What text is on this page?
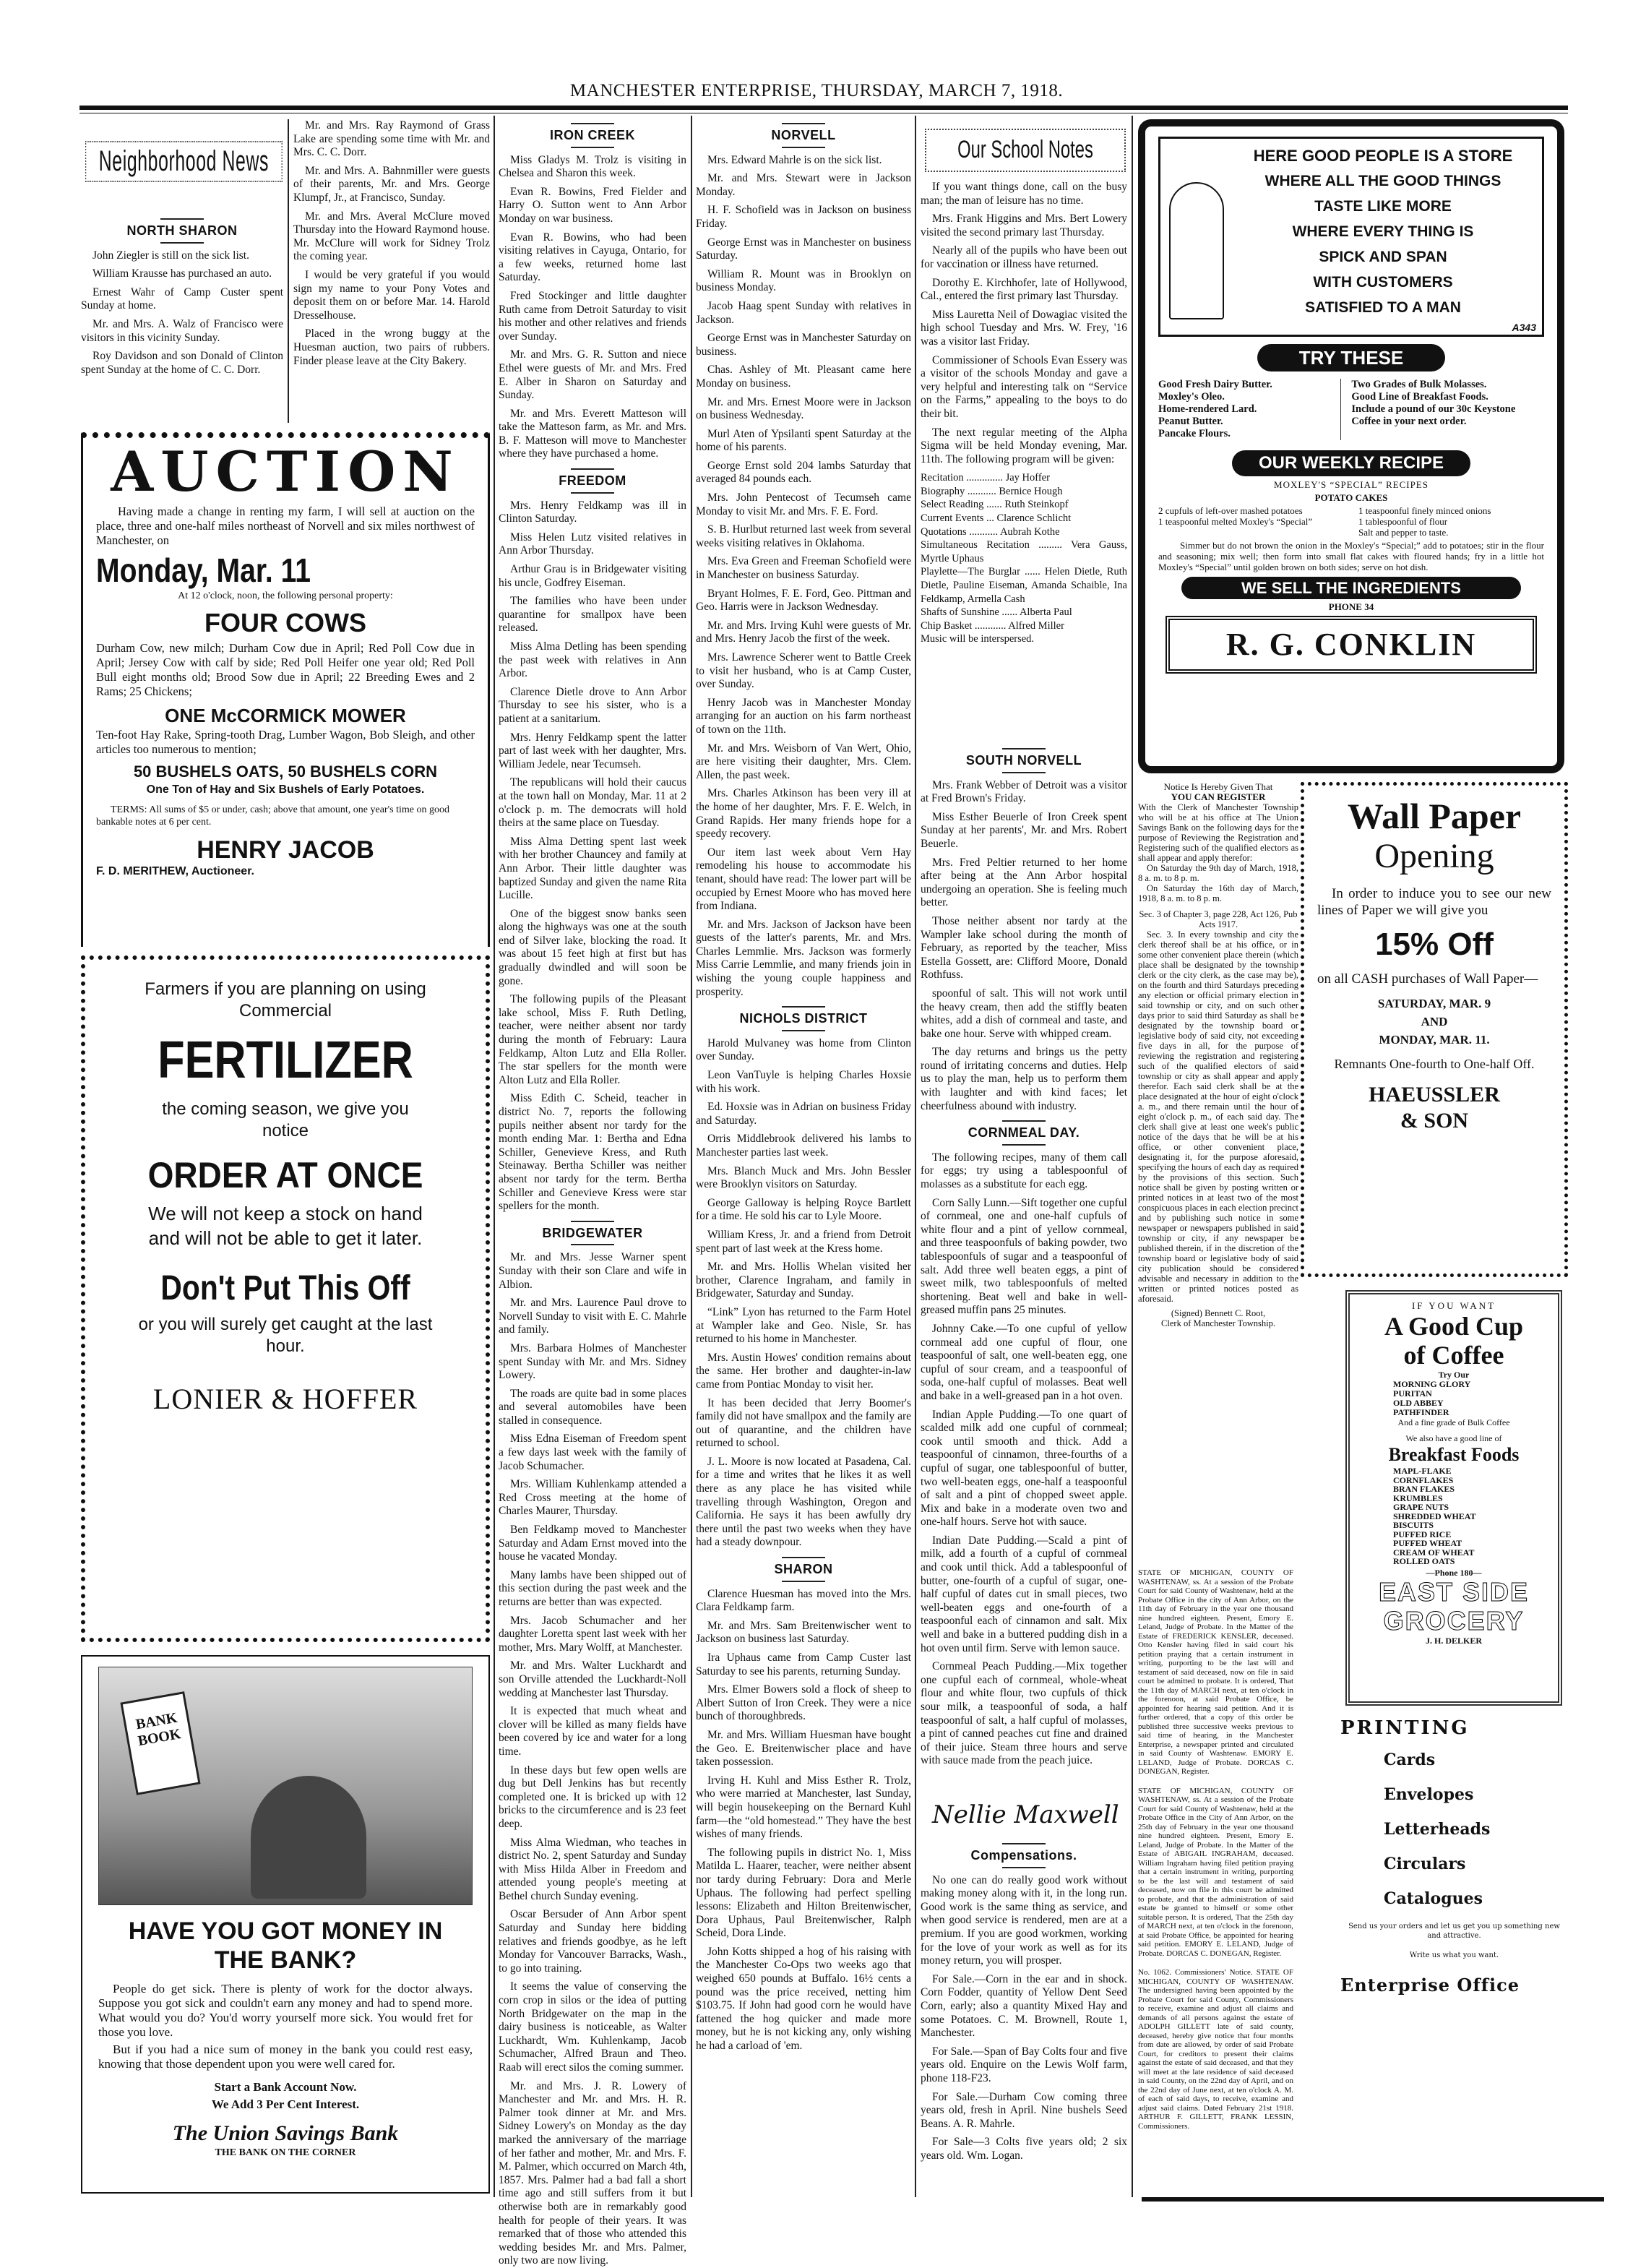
MANCHESTER ENTERPRISE, THURSDAY, MARCH 7, 1918.
Neighborhood News
NORTH SHARON

John Ziegler is still on the sick list.

William Krausse has purchased an auto.

Ernest Wahr of Camp Custer spent Sunday at home.

Mr. and Mrs. A. Walz of Francisco were visitors in this vicinity Sunday.

Roy Davidson and son Donald of Clinton spent Sunday at the home of C. C. Dorr.

Mr. and Mrs. Ray Raymond of Grass Lake are spending some time with Mr. and Mrs. C. C. Dorr.

Mr. and Mrs. A. Bahnmiller were guests of their parents, Mr. and Mrs. George Klumpf, Jr., at Francisco, Sunday.

Mr. and Mrs. Averal McClure moved Thursday into the Howard Raymond house. Mr. McClure will work for Sidney Trolz the coming year.

I would be very grateful if you would sign my name to your Pony Votes and deposit them on or before Mar. 14. Harold Dresselhouse.

Placed in the wrong buggy at the Huesman auction, two pairs of rubbers. Finder please leave at the City Bakery.

AUCTION

Having made a change in renting my farm, I will sell at auction on the place, three and one-half miles northeast of Norvell and six miles northwest of Manchester, on

Monday, Mar. 11

At 12 o'clock, noon, the following personal property:

FOUR COWS

Durham Cow, new milch; Durham Cow due in April; Red Poll Cow due in April; Jersey Cow with calf by side; Red Poll Heifer one year old; Red Poll Bull eight months old; Brood Sow due in April; 22 Breeding Ewes and 2 Rams; 25 Chickens;

ONE McCORMICK MOWER

Ten-foot Hay Rake, Spring-tooth Drag, Lumber Wagon, Bob Sleigh, and other articles too numerous to mention;

50 BUSHELS OATS, 50 BUSHELS CORN

One Ton of Hay and Six Bushels of Early Potatoes.

TERMS: All sums of $5 or under, cash; above that amount, one year's time on good bankable notes at 6 per cent.

HENRY JACOB

F. D. MERITHEW, Auctioneer.

Farmers if you are planning on using Commercial

FERTILIZER

the coming season, we give you notice

ORDER AT ONCE

We will not keep a stock on hand and will not be able to get it later.

Don't Put This Off

or you will surely get caught at the last hour.

LONIER & HOFFER
BANK BOOK
HAVE YOU GOT MONEY IN THE BANK?

People do get sick. There is plenty of work for the doctor always. Suppose you got sick and couldn't earn any money and had to spend more. What would you do? You'd worry yourself more sick. You would fret for those you love.

But if you had a nice sum of money in the bank you could rest easy, knowing that those dependent upon you were well cared for.

Start a Bank Account Now.

We Add 3 Per Cent Interest.

The Union Savings Bank

THE BANK ON THE CORNER

IRON CREEK

Miss Gladys M. Trolz is visiting in Chelsea and Sharon this week.

Evan R. Bowins, Fred Fielder and Harry O. Sutton went to Ann Arbor Monday on war business.

Evan R. Bowins, who had been visiting relatives in Cayuga, Ontario, for a few weeks, returned home last Saturday.

Fred Stockinger and little daughter Ruth came from Detroit Saturday to visit his mother and other relatives and friends over Sunday.

Mr. and Mrs. G. R. Sutton and niece Ethel were guests of Mr. and Mrs. Fred E. Alber in Sharon on Saturday and Sunday.

Mr. and Mrs. Everett Matteson will take the Matteson farm, as Mr. and Mrs. B. F. Matteson will move to Manchester where they have purchased a home.

FREEDOM

Mrs. Henry Feldkamp was ill in Clinton Saturday.

Miss Helen Lutz visited relatives in Ann Arbor Thursday.

Arthur Grau is in Bridgewater visiting his uncle, Godfrey Eiseman.

The families who have been under quarantine for smallpox have been released.

Miss Alma Detling has been spending the past week with relatives in Ann Arbor.

Clarence Dietle drove to Ann Arbor Thursday to see his sister, who is a patient at a sanitarium.

Mrs. Henry Feldkamp spent the latter part of last week with her daughter, Mrs. William Jedele, near Tecumseh.

The republicans will hold their caucus at the town hall on Monday, Mar. 11 at 2 o'clock p. m. The democrats will hold theirs at the same place on Tuesday.

Miss Alma Detting spent last week with her brother Chauncey and family at Ann Arbor. Their little daughter was baptized Sunday and given the name Rita Lucille.

One of the biggest snow banks seen along the highways was one at the south end of Silver lake, blocking the road. It was about 15 feet high at first but has gradually dwindled and will soon be gone.

The following pupils of the Pleasant lake school, Miss F. Ruth Detling, teacher, were neither absent nor tardy during the month of February: Laura Feldkamp, Alton Lutz and Ella Roller. The star spellers for the month were Alton Lutz and Ella Roller.

Miss Edith C. Scheid, teacher in district No. 7, reports the following pupils neither absent nor tardy for the month ending Mar. 1: Bertha and Edna Schiller, Genevieve Kress, and Ruth Steinaway. Bertha Schiller was neither absent nor tardy for the term. Bertha Schiller and Genevieve Kress were star spellers for the month.

BRIDGEWATER

Mr. and Mrs. Jesse Warner spent Sunday with their son Clare and wife in Albion.

Mr. and Mrs. Laurence Paul drove to Norvell Sunday to visit with E. C. Mahrle and family.

Mrs. Barbara Holmes of Manchester spent Sunday with Mr. and Mrs. Sidney Lowery.

The roads are quite bad in some places and several automobiles have been stalled in consequence.

Miss Edna Eiseman of Freedom spent a few days last week with the family of Jacob Schumacher.

Mrs. William Kuhlenkamp attended a Red Cross meeting at the home of Charles Maurer, Thursday.

Ben Feldkamp moved to Manchester Saturday and Adam Ernst moved into the house he vacated Monday.

Many lambs have been shipped out of this section during the past week and the returns are better than was expected.

Mrs. Jacob Schumacher and her daughter Loretta spent last week with her mother, Mrs. Mary Wolff, at Manchester.

Mr. and Mrs. Walter Luckhardt and son Orville attended the Luckhardt-Noll wedding at Manchester last Thursday.

It is expected that much wheat and clover will be killed as many fields have been covered by ice and water for a long time.

In these days but few open wells are dug but Dell Jenkins has but recently completed one. It is bricked up with 12 bricks to the circumference and is 23 feet deep.

Miss Alma Wiedman, who teaches in district No. 2, spent Saturday and Sunday with Miss Hilda Alber in Freedom and attended young people's meeting at Bethel church Sunday evening.

Oscar Bersuder of Ann Arbor spent Saturday and Sunday here bidding relatives and friends goodbye, as he left Monday for Vancouver Barracks, Wash., to go into training.

It seems the value of conserving the corn crop in silos or the idea of putting North Bridgewater on the map in the dairy business is noticeable, as Walter Luckhardt, Wm. Kuhlenkamp, Jacob Schumacher, Alfred Braun and Theo. Raab will erect silos the coming summer.

Mr. and Mrs. J. R. Lowery of Manchester and Mr. and Mrs. H. R. Palmer took dinner at Mr. and Mrs. Sidney Lowery's on Monday as the day marked the anniversary of the marriage of her father and mother, Mr. and Mrs. F. M. Palmer, which occurred on March 4th, 1857. Mrs. Palmer had a bad fall a short time ago and still suffers from it but otherwise both are in remarkably good health for people of their years. It was remarked that of those who attended this wedding besides Mr. and Mrs. Palmer, only two are now living.

NORVELL

Mrs. Edward Mahrle is on the sick list.

Mr. and Mrs. Stewart were in Jackson Monday.

H. F. Schofield was in Jackson on business Friday.

George Ernst was in Manchester on business Saturday.

William R. Mount was in Brooklyn on business Monday.

Jacob Haag spent Sunday with relatives in Jackson.

George Ernst was in Manchester Saturday on business.

Chas. Ashley of Mt. Pleasant came here Monday on business.

Mr. and Mrs. Ernest Moore were in Jackson on business Wednesday.

Murl Aten of Ypsilanti spent Saturday at the home of his parents.

George Ernst sold 204 lambs Saturday that averaged 84 pounds each.

Mrs. John Pentecost of Tecumseh came Monday to visit Mr. and Mrs. F. E. Ford.

S. B. Hurlbut returned last week from several weeks visiting relatives in Oklahoma.

Mrs. Eva Green and Freeman Schofield were in Manchester on business Saturday.

Bryant Holmes, F. E. Ford, Geo. Pittman and Geo. Harris were in Jackson Wednesday.

Mr. and Mrs. Irving Kuhl were guests of Mr. and Mrs. Henry Jacob the first of the week.

Mrs. Lawrence Scherer went to Battle Creek to visit her husband, who is at Camp Custer, over Sunday.

Henry Jacob was in Manchester Monday arranging for an auction on his farm northeast of town on the 11th.

Mr. and Mrs. Weisborn of Van Wert, Ohio, are here visiting their daughter, Mrs. Clem. Allen, the past week.

Mrs. Charles Atkinson has been very ill at the home of her daughter, Mrs. F. E. Welch, in Grand Rapids. Her many friends hope for a speedy recovery.

Our item last week about Vern Hay remodeling his house to accommodate his tenant, should have read: The lower part will be occupied by Ernest Moore who has moved here from Indiana.

Mr. and Mrs. Jackson of Jackson have been guests of the latter's parents, Mr. and Mrs. Charles Lemmlie. Mrs. Jackson was formerly Miss Carrie Lemmlie, and many friends join in wishing the young couple happiness and prosperity.

NICHOLS DISTRICT

Harold Mulvaney was home from Clinton over Sunday.

Leon VanTuyle is helping Charles Hoxsie with his work.

Ed. Hoxsie was in Adrian on business Friday and Saturday.

Orris Middlebrook delivered his lambs to Manchester parties last week.

Mrs. Blanch Muck and Mrs. John Bessler were Brooklyn visitors on Saturday.

George Galloway is helping Royce Bartlett for a time. He sold his car to Lyle Moore.

William Kress, Jr. and a friend from Detroit spent part of last week at the Kress home.

Mr. and Mrs. Hollis Whelan visited her brother, Clarence Ingraham, and family in Bridgewater, Saturday and Sunday.

“Link” Lyon has returned to the Farm Hotel at Wampler lake and Geo. Nisle, Sr. has returned to his home in Manchester.

Mrs. Austin Howes' condition remains about the same. Her brother and daughter-in-law came from Pontiac Monday to visit her.

It has been decided that Jerry Boomer's family did not have smallpox and the family are out of quarantine, and the children have returned to school.

J. L. Moore is now located at Pasadena, Cal. for a time and writes that he likes it as well there as any place he has visited while travelling through Washington, Oregon and California. He says it has been awfully dry there until the past two weeks when they have had a steady downpour.

SHARON

Clarence Huesman has moved into the Mrs. Clara Feldkamp farm.

Mr. and Mrs. Sam Breitenwischer went to Jackson on business last Saturday.

Ira Uphaus came from Camp Custer last Saturday to see his parents, returning Sunday.

Mrs. Elmer Bowers sold a flock of sheep to Albert Sutton of Iron Creek. They were a nice bunch of thoroughbreds.

Mr. and Mrs. William Huesman have bought the Geo. E. Breitenwischer place and have taken possession.

Irving H. Kuhl and Miss Esther R. Trolz, who were married at Manchester, last Sunday, will begin housekeeping on the Bernard Kuhl farm—the “old homestead.” They have the best wishes of many friends.

The following pupils in district No. 1, Miss Matilda L. Haarer, teacher, were neither absent nor tardy during February: Dora and Merle Uphaus. The following had perfect spelling lessons: Elizabeth and Hilton Breitenwischer, Dora Uphaus, Paul Breitenwischer, Ralph Scheid, Dora Linde.

John Kotts shipped a hog of his raising with the Manchester Co-Ops two weeks ago that weighed 650 pounds at Buffalo. 16½ cents a pound was the price received, netting him $103.75. If John had good corn he would have fattened the hog quicker and made more money, but he is not kicking any, only wishing he had a carload of 'em.

Our School Notes

If you want things done, call on the busy man; the man of leisure has no time.

Mrs. Frank Higgins and Mrs. Bert Lowery visited the second primary last Thursday.

Nearly all of the pupils who have been out for vaccination or illness have returned.

Dorothy E. Kirchhofer, late of Hollywood, Cal., entered the first primary last Thursday.

Miss Lauretta Neil of Dowagiac visited the high school Tuesday and Mrs. W. Frey, '16 was a visitor last Friday.

Commissioner of Schools Evan Essery was a visitor of the schools Monday and gave a very helpful and interesting talk on “Service on the Farms,” appealing to the boys to do their bit.

The next regular meeting of the Alpha Sigma will be held Monday evening, Mar. 11th. The following program will be given:

Recitation .............. Jay Hoffer

Biography ........... Bernice Hough

Select Reading ...... Ruth Steinkopf

Current Events ... Clarence Schlicht

Quotations ........... Aubrah Kothe

Simultaneous Recitation ......... Vera Gauss, Myrtle Uphaus

Playlette—The Burglar ...... Helen Dietle, Ruth Dietle, Pauline Eiseman, Amanda Schaible, Ina Feldkamp, Armella Cash

Shafts of Sunshine ...... Alberta Paul

Chip Basket ............ Alfred Miller

Music will be interspersed.

SOUTH NORVELL

Mrs. Frank Webber of Detroit was a visitor at Fred Brown's Friday.

Miss Esther Beuerle of Iron Creek spent Sunday at her parents', Mr. and Mrs. Robert Beuerle.

Mrs. Fred Peltier returned to her home after being at the Ann Arbor hospital undergoing an operation. She is feeling much better.

Those neither absent nor tardy at the Wampler lake school during the month of February, as reported by the teacher, Miss Estella Gossett, are: Clifford Moore, Donald Rothfuss.

spoonful of salt. This will not work until the heavy cream, then add the stiffly beaten whites, add a dish of cornmeal and taste, and bake one hour. Serve with whipped cream.

The day returns and brings us the petty round of irritating concerns and duties. Help us to play the man, help us to perform them with laughter and with kind faces; let cheerfulness abound with industry.

CORNMEAL DAY.

The following recipes, many of them call for eggs; try using a tablespoonful of molasses as a substitute for each egg.

Corn Sally Lunn.—Sift together one cupful of cornmeal, one and one-half cupfuls of white flour and a pint of yellow cornmeal, and three teaspoonfuls of baking powder, two tablespoonfuls of sugar and a teaspoonful of salt. Add three well beaten eggs, a pint of sweet milk, two tablespoonfuls of melted shortening. Beat well and bake in well-greased muffin pans 25 minutes.

Johnny Cake.—To one cupful of yellow cornmeal add one cupful of flour, one teaspoonful of salt, one well-beaten egg, one cupful of sour cream, and a teaspoonful of soda, one-half cupful of molasses. Beat well and bake in a well-greased pan in a hot oven.

Indian Apple Pudding.—To one quart of scalded milk add one cupful of cornmeal; cook until smooth and thick. Add a teaspoonful of cinnamon, three-fourths of a cupful of sugar, one tablespoonful of butter, two well-beaten eggs, one-half a teaspoonful of salt and a pint of chopped sweet apple. Mix and bake in a moderate oven two and one-half hours. Serve hot with sauce.

Indian Date Pudding.—Scald a pint of milk, add a fourth of a cupful of cornmeal and cook until thick. Add a tablespoonful of butter, one-fourth of a cupful of sugar, one-half cupful of dates cut in small pieces, two well-beaten eggs and one-fourth of a teaspoonful each of cinnamon and salt. Mix well and bake in a buttered pudding dish in a hot oven until firm. Serve with lemon sauce.

Cornmeal Peach Pudding.—Mix together one cupful each of cornmeal, whole-wheat flour and white flour, two cupfuls of thick sour milk, a teaspoonful of soda, a half teaspoonful of salt, a half cupful of molasses, a pint of canned peaches cut fine and drained of their juice. Steam three hours and serve with sauce made from the peach juice.

Nellie Maxwell
Compensations.

No one can do really good work without making money along with it, in the long run. Good work is the same thing as service, and when good service is rendered, men are at a premium. If you are good workmen, working for the love of your work as well as for its money return, you will prosper.

For Sale.—Corn in the ear and in shock. Corn Fodder, quantity of Yellow Dent Seed Corn, early; also a quantity Mixed Hay and some Potatoes. C. M. Brownell, Route 1, Manchester.

For Sale.—Span of Bay Colts four and five years old. Enquire on the Lewis Wolf farm, phone 118-F23.

For Sale.—Durham Cow coming three years old, fresh in April. Nine bushels Seed Beans. A. R. Mahrle.

For Sale—3 Colts five years old; 2 six years old. Wm. Logan.

HERE GOOD PEOPLE IS A STORE
WHERE ALL THE GOOD THINGS
TASTE LIKE MORE
WHERE EVERY THING IS
SPICK AND SPAN
WITH CUSTOMERS
SATISFIED TO A MAN
A343
TRY THESE
Good Fresh Dairy Butter.
Moxley's Oleo.
Home-rendered Lard.
Peanut Butter.
Pancake Flours.
Two Grades of Bulk Molasses.
Good Line of Breakfast Foods.
Include a pound of our 30c Keystone Coffee in your next order.
OUR WEEKLY RECIPE

MOXLEY'S “SPECIAL” RECIPES

POTATO CAKES

2 cupfuls of left-over mashed potatoes
1 teaspoonful melted Moxley's “Special”
1 teaspoonful finely minced onions
1 tablespoonful of flour
Salt and pepper to taste.

Simmer but do not brown the onion in the Moxley's “Special;” add to potatoes; stir in the flour and seasoning; mix well; then form into small flat cakes with floured hands; fry in a little hot Moxley's “Special” until golden brown on both sides; serve on hot dish.

WE SELL THE INGREDIENTS

PHONE 34

R. G. CONKLIN

Notice Is Hereby Given That

YOU CAN REGISTER

With the Clerk of Manchester Township who will be at his office at The Union Savings Bank on the following days for the purpose of Reviewing the Registration and Registering such of the qualified electors as shall appear and apply therefor:

On Saturday the 9th day of March, 1918, 8 a. m. to 8 p. m.

On Saturday the 16th day of March, 1918, 8 a. m. to 8 p. m.

Sec. 3 of Chapter 3, page 228, Act 126, Pub Acts 1917.

Sec. 3. In every township and city the clerk thereof shall be at his office, or in some other convenient place therein (which place shall be designated by the township clerk or the city clerk, as the case may be), on the fourth and third Saturdays preceding any election or official primary election in said township or city, and on such other days prior to said third Saturday as shall be designated by the township board or legislative body of said city, not exceeding five days in all, for the purpose of reviewing the registration and registering such of the qualified electors of said township or city as shall appear and apply therefor. Each said clerk shall be at the place designated at the hour of eight o'clock a. m., and there remain until the hour of eight o'clock p. m., of each said day. The clerk shall give at least one week's public notice of the days that he will be at his office, or other convenient place, designating it, for the purpose aforesaid, specifying the hours of each day as required by the provisions of this section. Such notice shall be given by posting written or printed notices in at least two of the most conspicuous places in each election precinct and by publishing such notice in some newspaper or newspapers published in said township or city, if any newspaper be published therein, if in the discretion of the township board or legislative body of said city publication should be considered advisable and necessary in addition to the written or printed notices posted as aforesaid.

(Signed) Bennett C. Root,

Clerk of Manchester Township.

STATE OF MICHIGAN, COUNTY OF WASHTENAW, ss. At a session of the Probate Court for said County of Washtenaw, held at the Probate Office in the city of Ann Arbor, on the 11th day of February in the year one thousand nine hundred eighteen. Present, Emory E. Leland, Judge of Probate. In the Matter of the Estate of FREDERICK KENSLER, deceased. Otto Kensler having filed in said court his petition praying that a certain instrument in writing, purporting to be the last will and testament of said deceased, now on file in said court be admitted to probate. It is ordered, That the 11th day of MARCH next, at ten o'clock in the forenoon, at said Probate Office, be appointed for hearing said petition. And it is further ordered, that a copy of this order be published three successive weeks previous to said time of hearing, in the Manchester Enterprise, a newspaper printed and circulated in said County of Washtenaw. EMORY E. LELAND, Judge of Probate. DORCAS C. DONEGAN, Register.
STATE OF MICHIGAN, COUNTY OF WASHTENAW, ss. At a session of the Probate Court for said County of Washtenaw, held at the Probate Office in the City of Ann Arbor, on the 25th day of February in the year one thousand nine hundred eighteen. Present, Emory E. Leland, Judge of Probate. In the Matter of the Estate of ABIGAIL INGRAHAM, deceased. William Ingraham having filed petition praying that a certain instrument in writing, purporting to be the last will and testament of said deceased, now on file in this court be admitted to probate, and that the administration of said estate be granted to himself or some other suitable person. It is ordered, That the 25th day of MARCH next, at ten o'clock in the forenoon, at said Probate Office, be appointed for hearing said petition. EMORY E. LELAND, Judge of Probate. DORCAS C. DONEGAN, Register.
No. 1062. Commissioners' Notice. STATE OF MICHIGAN, COUNTY OF WASHTENAW. The undersigned having been appointed by the Probate Court for said County, Commissioners to receive, examine and adjust all claims and demands of all persons against the estate of ADOLPH GILLETT late of said county, deceased, hereby give notice that four months from date are allowed, by order of said Probate Court, for creditors to present their claims against the estate of said deceased, and that they will meet at the late residence of said deceased in said County, on the 22nd day of April, and on the 22nd day of June next, at ten o'clock A. M. of each of said days, to receive, examine and adjust said claims. Dated February 21st 1918. ARTHUR F. GILLETT, FRANK LESSIN, Commissioners.
Wall Paper
Opening

In order to induce you to see our new lines of Paper we will give you

15% Off

on all CASH purchases of Wall Paper—

SATURDAY, MAR. 9

AND

MONDAY, MAR. 11.

Remnants One-fourth to One-half Off.

HAEUSSLER

& SON

IF YOU WANT

A Good Cup
of Coffee

Try Our

MORNING GLORY
PURITAN
OLD ABBEY
PATHFINDER

And a fine grade of Bulk Coffee

We also have a good line of

Breakfast Foods

MAPL-FLAKE
CORNFLAKES
BRAN FLAKES
KRUMBLES
GRAPE NUTS
SHREDDED WHEAT
BISCUITS
PUFFED RICE
PUFFED WHEAT
CREAM OF WHEAT
ROLLED OATS

—Phone 180—

EAST SIDE

GROCERY

J. H. DELKER

PRINTING

Cards
Envelopes
Letterheads
Circulars
Catalogues

Send us your orders and let us get you up something new and attractive.

Write us what you want.

Enterprise Office
